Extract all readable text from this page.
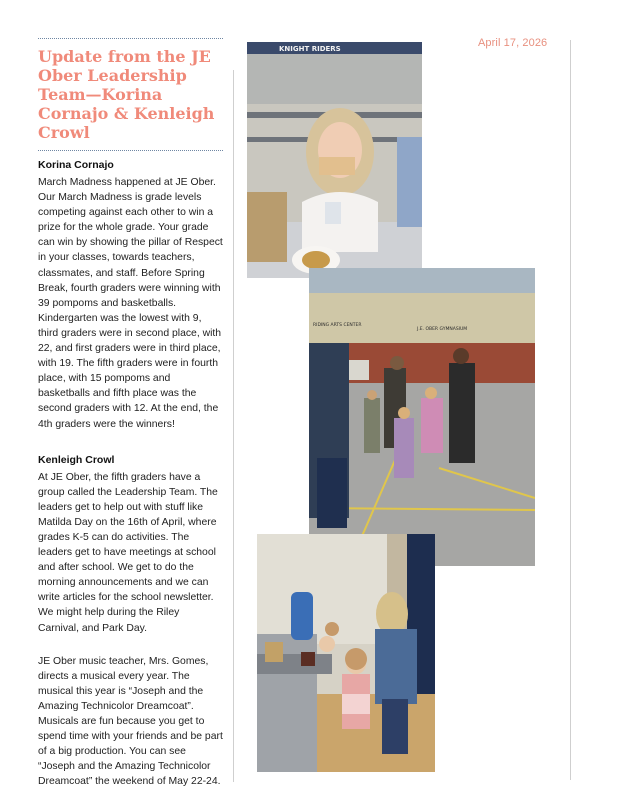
April 17, 2026
Update from the JE Ober Leadership Team—Korina Cornajo & Kenleigh Crowl
Korina Cornajo

March Madness happened at JE Ober. Our March Madness is grade levels competing against each other to win a prize for the whole grade. Your grade can win by showing the pillar of Respect in your classes, towards teachers, classmates, and staff. Before Spring Break, fourth graders were winning with 39 pompoms and basketballs. Kindergarten was the lowest with 9, third graders were in second place, with 22, and first graders were in third place, with 19. The fifth graders were in fourth place, with 15 pompoms and basketballs and fifth place was the second graders with 12. At the end, the 4th graders were the winners!

Kenleigh Crowl

At JE Ober, the fifth graders have a group called the Leadership Team. The leaders get to help out with stuff like Matilda Day on the 16th of April, where grades K-5 can do activities. The leaders get to have meetings at school and after school. We get to do the morning announcements and we can write articles for the school newsletter. We might help during the Riley Carnival, and Park Day.

JE Ober music teacher, Mrs. Gomes, directs a musical every year. The musical this year is “Joseph and the Amazing Technicolor Dreamcoat”. Musicals are fun because you get to spend time with your friends and be part of a big production. You can see “Joseph and the Amazing Technicolor Dreamcoat” the weekend of May 22-24.

KNIGHT RIDERS
RIDING ARTS CENTER
J.E. OBER GYMNASIUM
